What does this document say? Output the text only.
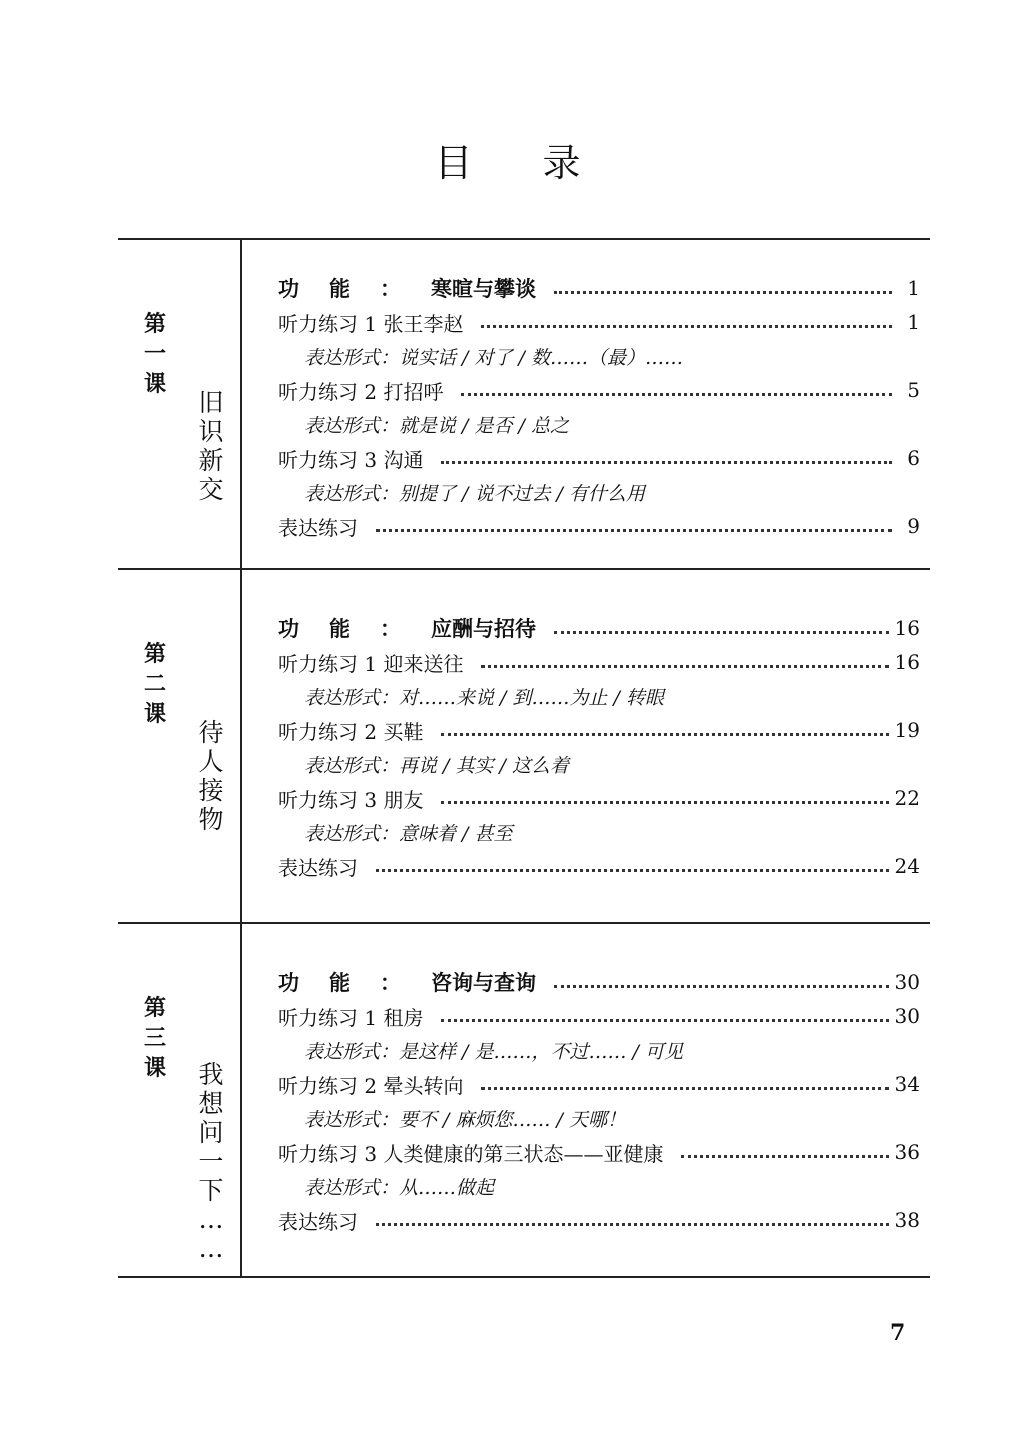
目录
第
一
课
旧
识
新
交
功能：寒暄与攀谈	1
听力练习 1 张王李赵	1
表达形式：说实话 / 对了 / 数……（最）……
听力练习 2 打招呼	5
表达形式：就是说 / 是否 / 总之
听力练习 3 沟通	6
表达形式：别提了 / 说不过去 / 有什么用
表达练习	9
第
二
课
待
人
接
物
功能：应酬与招待	16
听力练习 1 迎来送往	16
表达形式：对……来说 / 到……为止 / 转眼
听力练习 2 买鞋	19
表达形式：再说 / 其实 / 这么着
听力练习 3 朋友	22
表达形式：意味着 / 甚至
表达练习	24
第
三
课 我
想
问
一
下
…
…
功能：咨询与查询	30
听力练习 1 租房	30
表达形式：是这样 / 是……，不过…… / 可见
听力练习 2 晕头转向	34
表达形式：要不 / 麻烦您…… / 天哪！
听力练习 3 人类健康的第三状态——亚健康	36
表达形式：从……做起
表达练习	38
7
